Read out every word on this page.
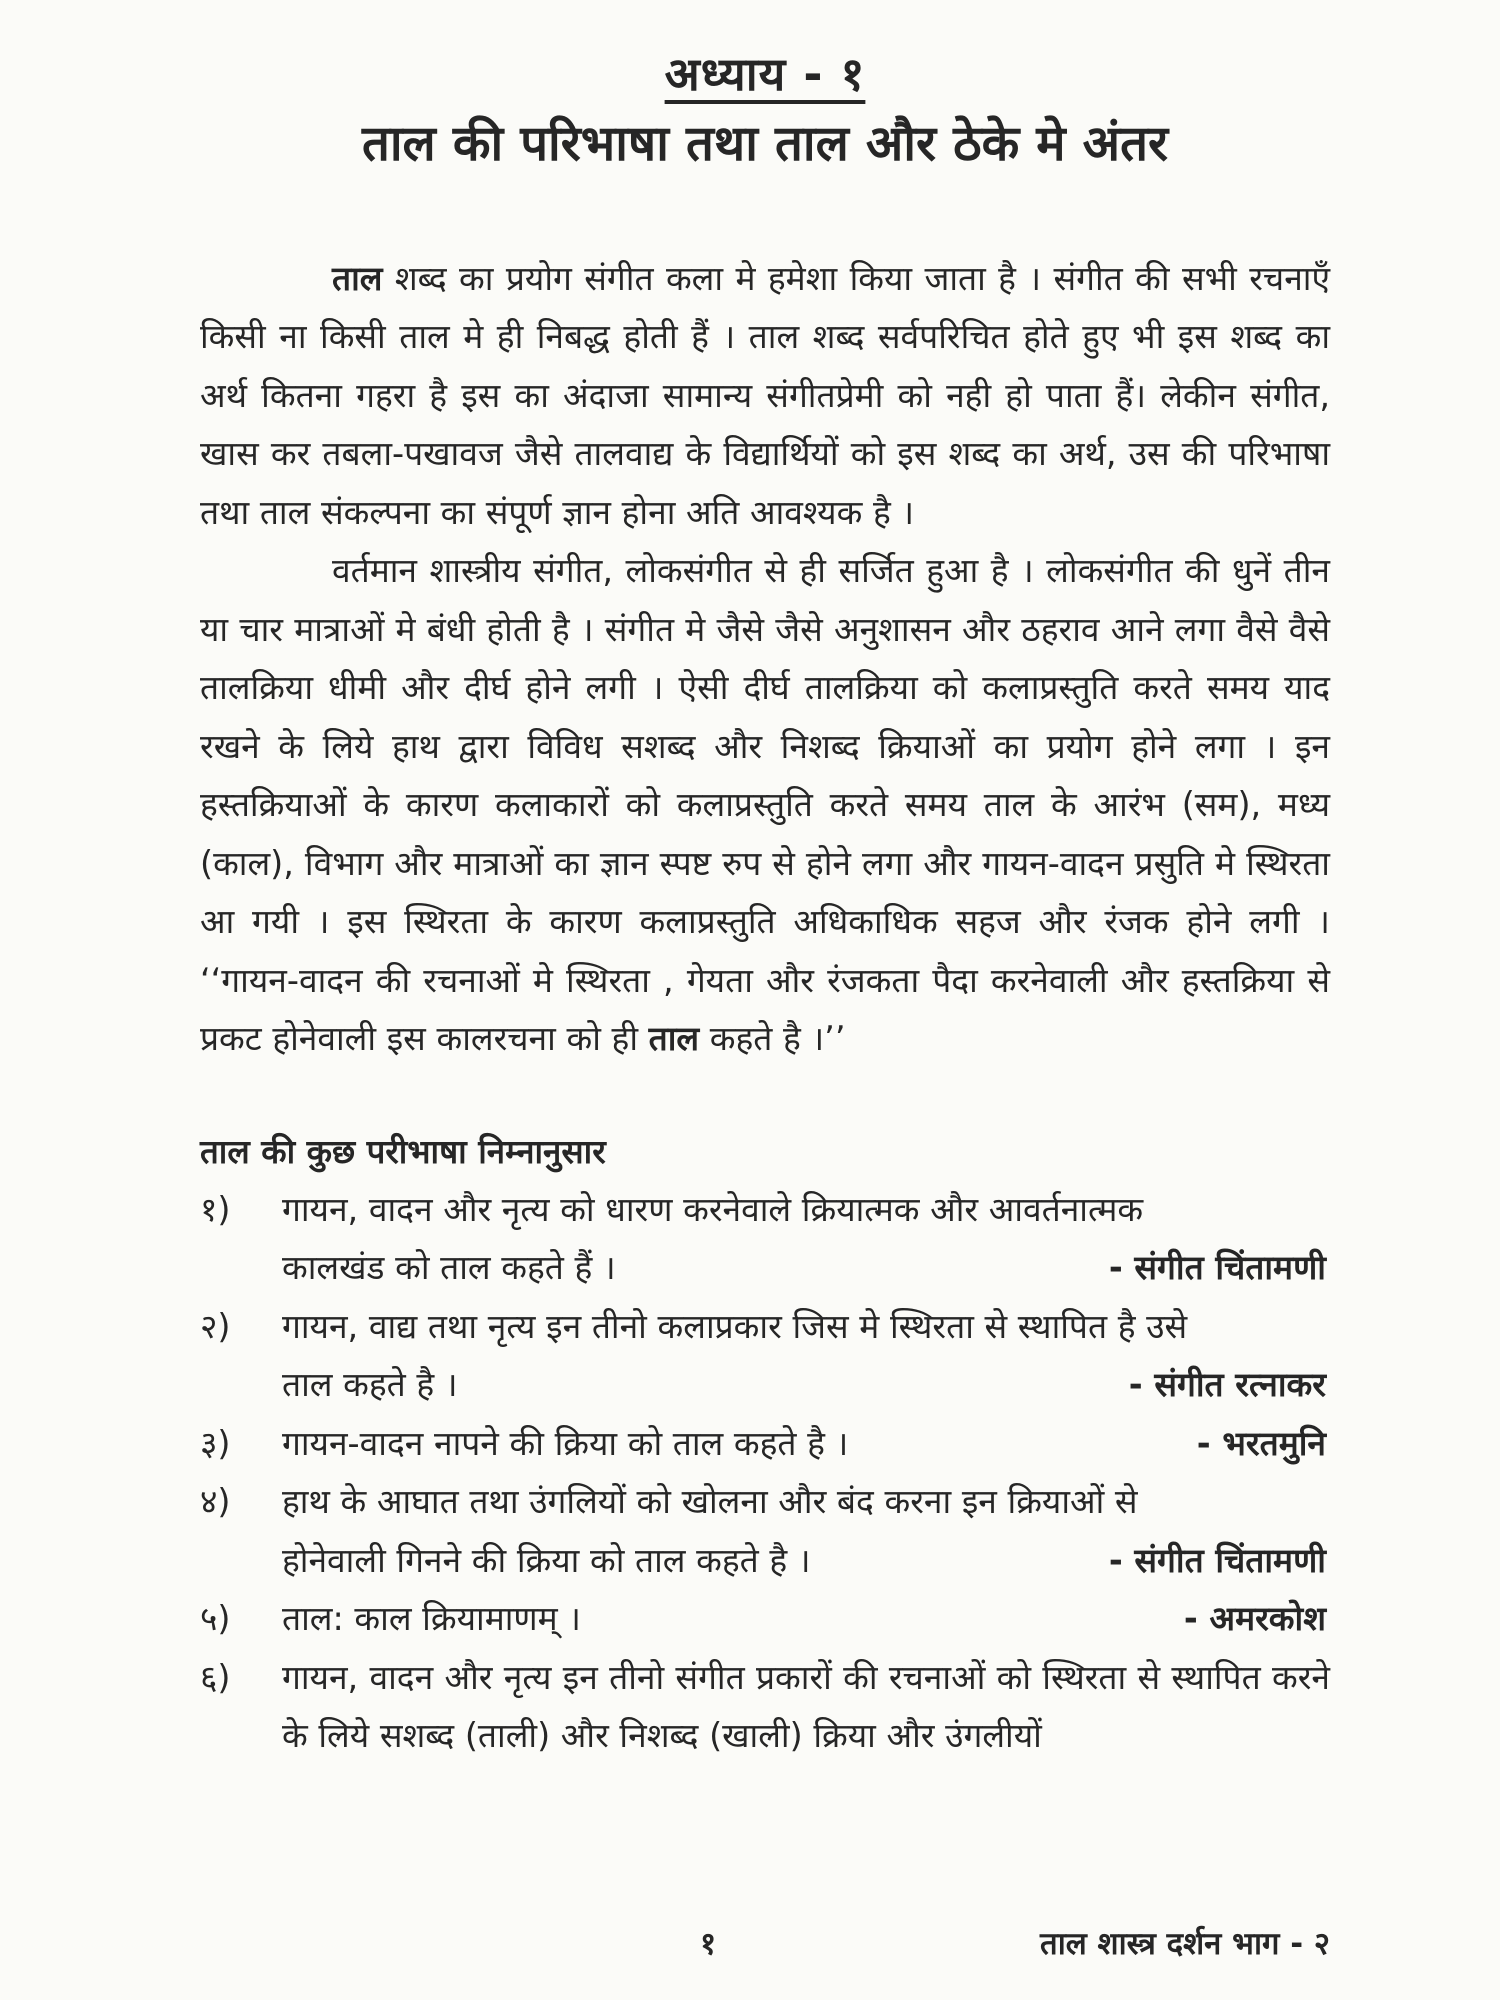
अध्याय - १
ताल की परिभाषा तथा ताल और ठेके मे अंतर

ताल शब्द का प्रयोग संगीत कला मे हमेशा किया जाता है । संगीत की सभी रचनाएँ किसी ना किसी ताल मे ही निबद्ध होती हैं । ताल शब्द सर्वपरिचित होते हुए भी इस शब्द का अर्थ कितना गहरा है इस का अंदाजा सामान्य संगीतप्रेमी को नही हो पाता हैं। लेकीन संगीत, खास कर तबला-पखावज जैसे तालवाद्य के विद्यार्थियों को इस शब्द का अर्थ, उस की परिभाषा तथा ताल संकल्पना का संपूर्ण ज्ञान होना अति आवश्यक है ।

वर्तमान शास्त्रीय संगीत, लोकसंगीत से ही सर्जित हुआ है । लोकसंगीत की धुनें तीन या चार मात्राओं मे बंधी होती है । संगीत मे जैसे जैसे अनुशासन और ठहराव आने लगा वैसे वैसे तालक्रिया धीमी और दीर्घ होने लगी । ऐसी दीर्घ तालक्रिया को कलाप्रस्तुति करते समय याद रखने के लिये हाथ द्वारा विविध सशब्द और निशब्द क्रियाओं का प्रयोग होने लगा । इन हस्तक्रियाओं के कारण कलाकारों को कलाप्रस्तुति करते समय ताल के आरंभ (सम), मध्य (काल), विभाग और मात्राओं का ज्ञान स्पष्ट रुप से होने लगा और गायन-वादन प्रसुति मे स्थिरता आ गयी । इस स्थिरता के कारण कलाप्रस्तुति अधिकाधिक सहज और रंजक होने लगी । ‘‘गायन-वादन की रचनाओं मे स्थिरता , गेयता और रंजकता पैदा करनेवाली और हस्तक्रिया से प्रकट होनेवाली इस कालरचना को ही ताल कहते है ।’’

ताल की कुछ परीभाषा निम्नानुसार
१)	गायन, वादन और नृत्य को धारण करनेवाले क्रियात्मक और आवर्तनात्मक
कालखंड को ताल कहते हैं ।	- संगीत चिंतामणी
२)	गायन, वाद्य तथा नृत्य इन तीनो कलाप्रकार जिस मे स्थिरता से स्थापित है उसे
ताल कहते है ।	- संगीत रत्नाकर
३)	गायन-वादन नापने की क्रिया को ताल कहते है ।	- भरतमुनि
४)	हाथ के आघात तथा उंगलियों को खोलना और बंद करना इन क्रियाओं से
होनेवाली गिनने की क्रिया को ताल कहते है ।	- संगीत चिंतामणी
५)	ताल: काल क्रियामाणम् ।	- अमरकोश
६)	गायन, वादन और नृत्य इन तीनो संगीत प्रकारों की रचनाओं को स्थिरता से स्थापित करने के लिये सशब्द (ताली) और निशब्द (खाली) क्रिया और उंगलीयों
१	ताल शास्त्र दर्शन भाग - २
